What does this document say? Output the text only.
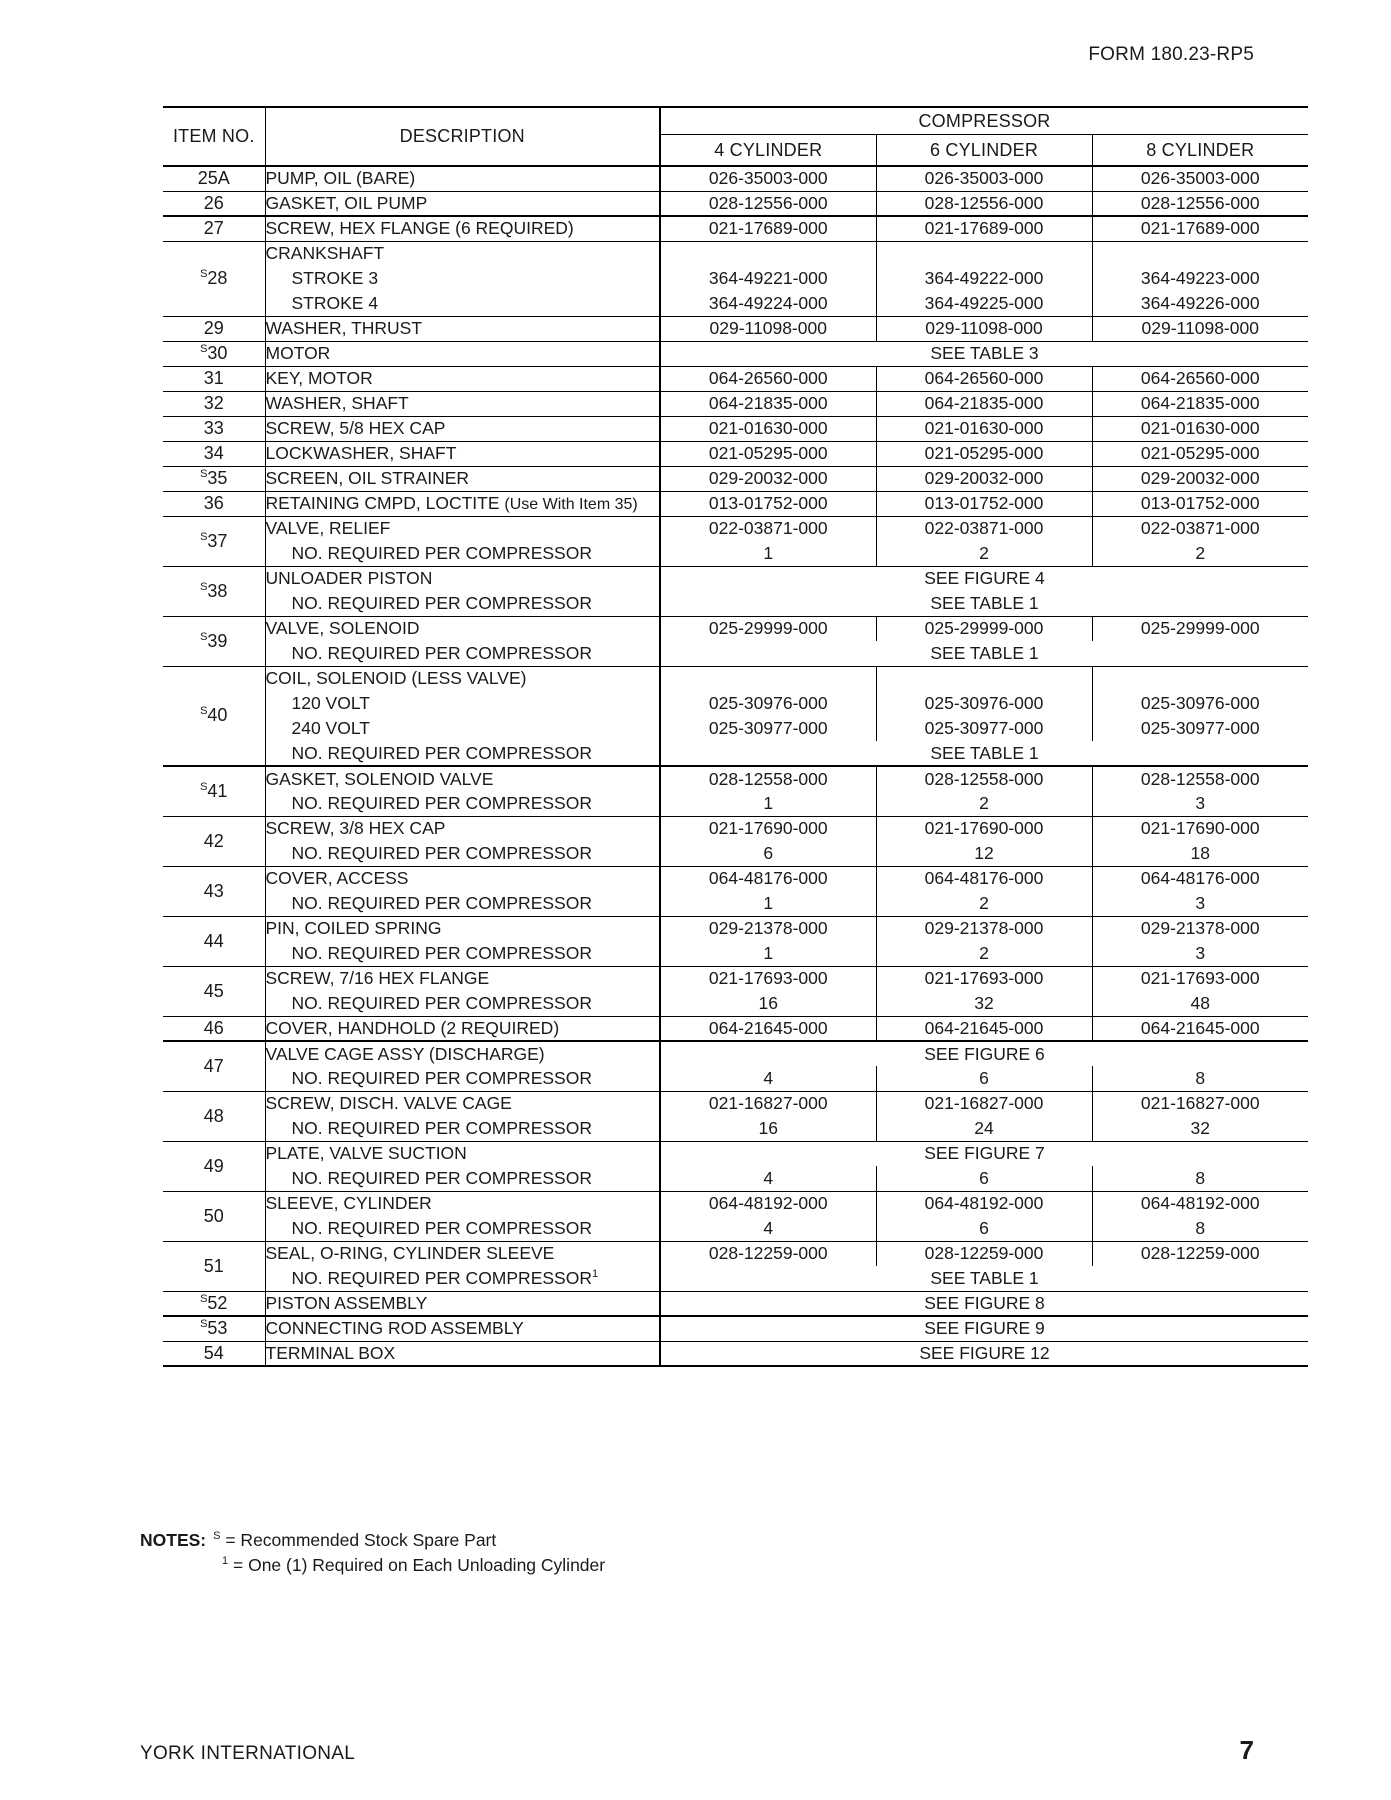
FORM 180.23-RP5
ITEM NO.	DESCRIPTION	COMPRESSOR		
		4 CYLINDER	6 CYLINDER	8 CYLINDER
25A	PUMP, OIL (BARE)	026-35003-000	026-35003-000	026-35003-000
26	GASKET, OIL PUMP	028-12556-000	028-12556-000	028-12556-000
27	SCREW, HEX FLANGE (6 REQUIRED)	021-17689-000	021-17689-000	021-17689-000
$^S$28	CRANKSHAFT			
	STROKE 3	364-49221-000	364-49222-000	364-49223-000
	STROKE 4	364-49224-000	364-49225-000	364-49226-000
29	WASHER, THRUST	029-11098-000	029-11098-000	029-11098-000
$^S$30	MOTOR	SEE TABLE 3		
31	KEY, MOTOR	064-26560-000	064-26560-000	064-26560-000
32	WASHER, SHAFT	064-21835-000	064-21835-000	064-21835-000
33	SCREW, 5/8 HEX CAP	021-01630-000	021-01630-000	021-01630-000
34	LOCKWASHER, SHAFT	021-05295-000	021-05295-000	021-05295-000
$^S$35	SCREEN, OIL STRAINER	029-20032-000	029-20032-000	029-20032-000
36	RETAINING CMPD, LOCTITE (Use With Item 35)	013-01752-000	013-01752-000	013-01752-000
$^S$37	VALVE, RELIEF	022-03871-000	022-03871-000	022-03871-000
	NO. REQUIRED PER COMPRESSOR	1	2	2
$^S$38	UNLOADER PISTON	SEE FIGURE 4		
	NO. REQUIRED PER COMPRESSOR	SEE TABLE 1		
$^S$39	VALVE, SOLENOID	025-29999-000	025-29999-000	025-29999-000
	NO. REQUIRED PER COMPRESSOR	SEE TABLE 1		
$^S$40	COIL, SOLENOID (LESS VALVE)			
	120 VOLT	025-30976-000	025-30976-000	025-30976-000
	240 VOLT	025-30977-000	025-30977-000	025-30977-000
	NO. REQUIRED PER COMPRESSOR	SEE TABLE 1		
$^S$41	GASKET, SOLENOID VALVE	028-12558-000	028-12558-000	028-12558-000
	NO. REQUIRED PER COMPRESSOR	1	2	3
42	SCREW, 3/8 HEX CAP	021-17690-000	021-17690-000	021-17690-000
	NO. REQUIRED PER COMPRESSOR	6	12	18
43	COVER, ACCESS	064-48176-000	064-48176-000	064-48176-000
	NO. REQUIRED PER COMPRESSOR	1	2	3
44	PIN, COILED SPRING	029-21378-000	029-21378-000	029-21378-000
	NO. REQUIRED PER COMPRESSOR	1	2	3
45	SCREW, 7/16 HEX FLANGE	021-17693-000	021-17693-000	021-17693-000
	NO. REQUIRED PER COMPRESSOR	16	32	48
46	COVER, HANDHOLD (2 REQUIRED)	064-21645-000	064-21645-000	064-21645-000
47	VALVE CAGE ASSY (DISCHARGE)	SEE FIGURE 6		
	NO. REQUIRED PER COMPRESSOR	4	6	8
48	SCREW, DISCH. VALVE CAGE	021-16827-000	021-16827-000	021-16827-000
	NO. REQUIRED PER COMPRESSOR	16	24	32
49	PLATE, VALVE SUCTION	SEE FIGURE 7		
	NO. REQUIRED PER COMPRESSOR	4	6	8
50	SLEEVE, CYLINDER	064-48192-000	064-48192-000	064-48192-000
	NO. REQUIRED PER COMPRESSOR	4	6	8
51	SEAL, O-RING, CYLINDER SLEEVE	028-12259-000	028-12259-000	028-12259-000
	NO. REQUIRED PER COMPRESSOR$^1$	SEE TABLE 1		
$^S$52	PISTON ASSEMBLY	SEE FIGURE 8		
$^S$53	CONNECTING ROD ASSEMBLY	SEE FIGURE 9		
54	TERMINAL BOX	SEE FIGURE 12		
NOTES: $^S$ = Recommended Stock Spare Part
$^1$ = One (1) Required on Each Unloading Cylinder
YORK INTERNATIONAL	7
